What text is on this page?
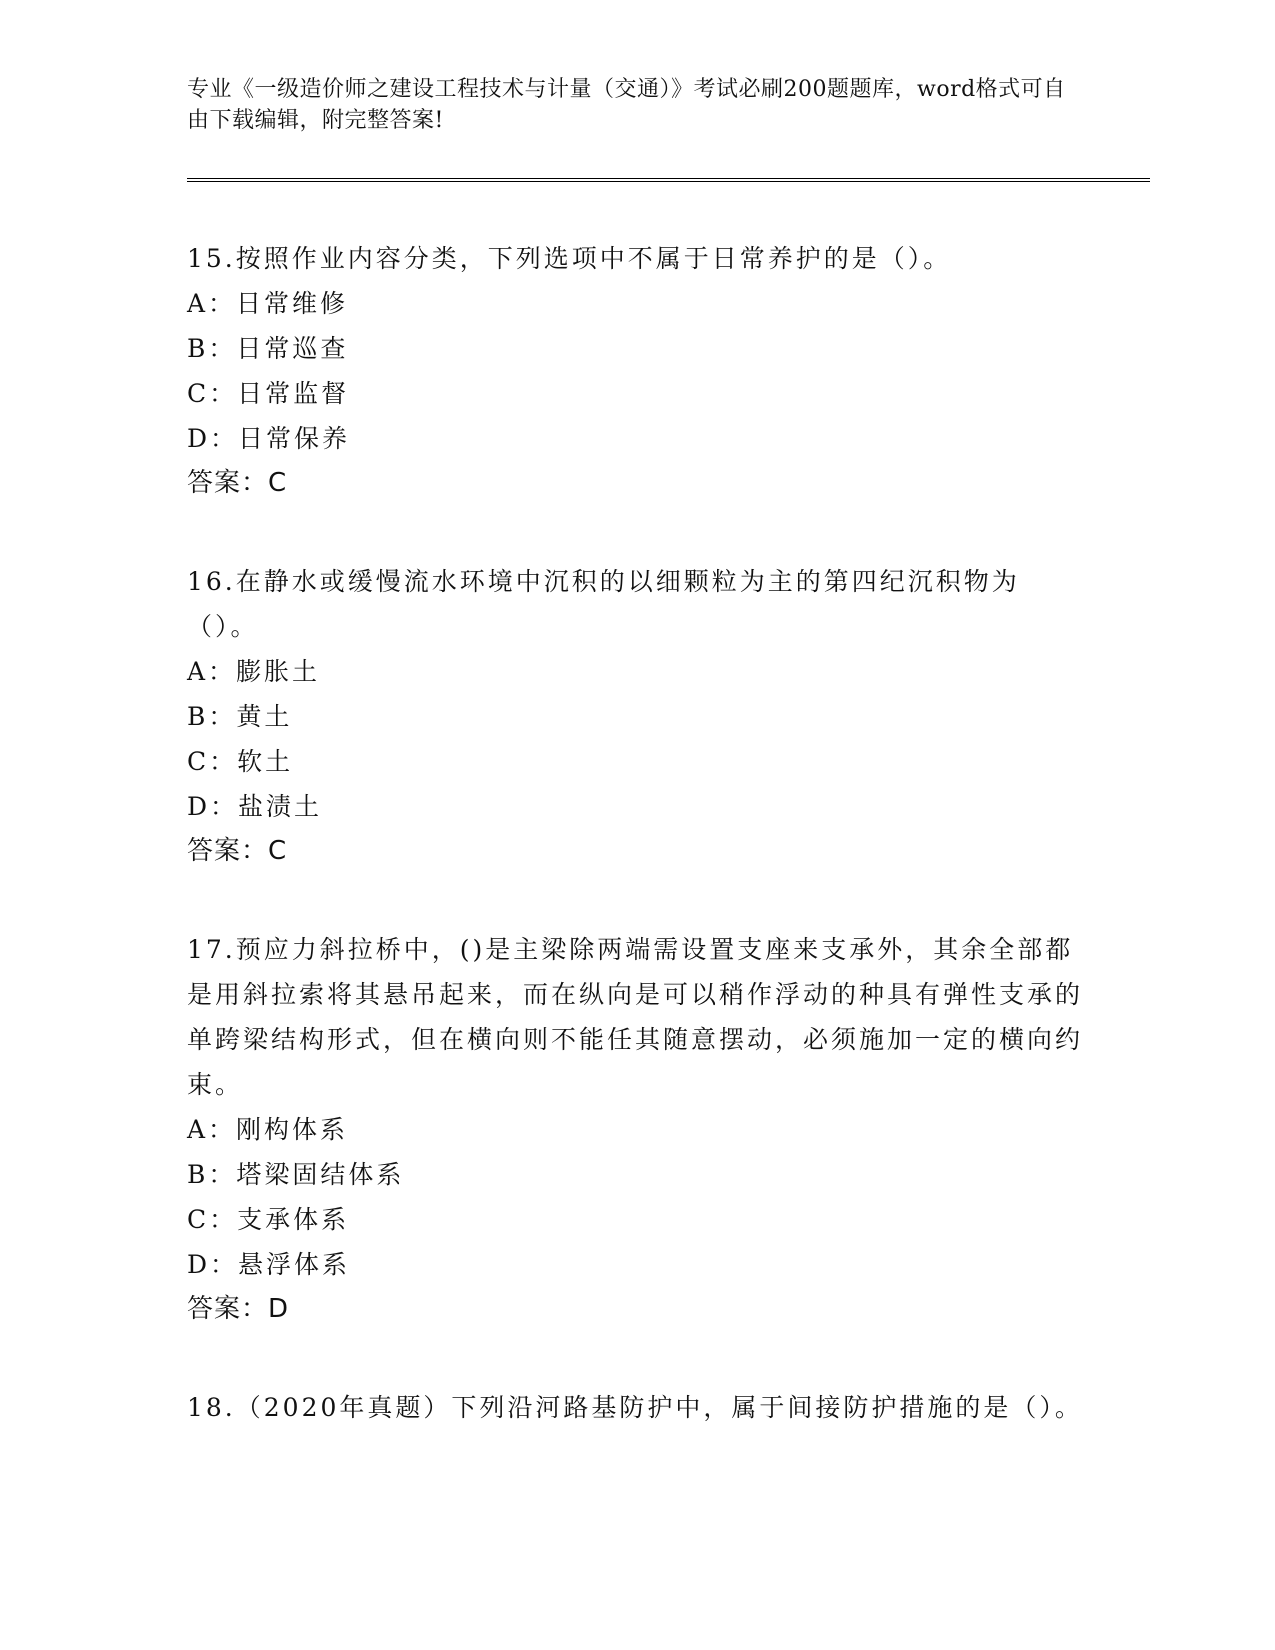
专业《一级造价师之建设工程技术与计量（交通）》考试必刷200题题库，word格式可自由下载编辑，附完整答案!

15.按照作业内容分类，下列选项中不属于日常养护的是（）。

A：日常维修

B：日常巡查

C：日常监督

D：日常保养

答案：C

16.在静水或缓慢流水环境中沉积的以细颗粒为主的第四纪沉积物为（）。

A：膨胀土

B：黄土

C：软土

D：盐渍土

答案：C

17.预应力斜拉桥中，()是主梁除两端需设置支座来支承外，其余全部都是用斜拉索将其悬吊起来，而在纵向是可以稍作浮动的种具有弹性支承的单跨梁结构形式，但在横向则不能任其随意摆动，必须施加一定的横向约束。

A：刚构体系

B：塔梁固结体系

C：支承体系

D：悬浮体系

答案：D

18.（2020年真题）下列沿河路基防护中，属于间接防护措施的是（）。
